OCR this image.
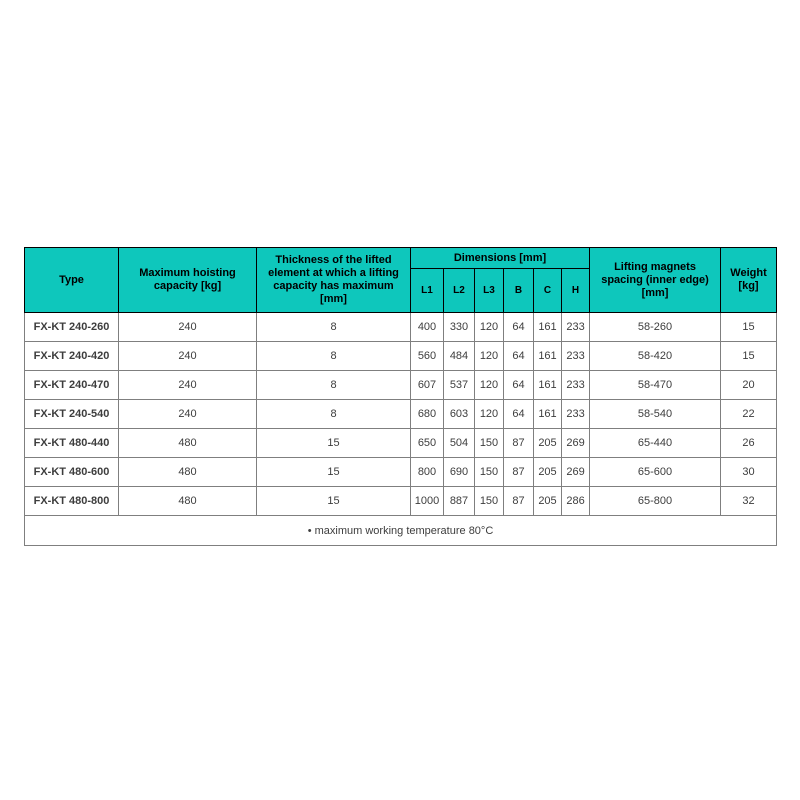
Type	Maximum hoisting capacity [kg]	Thickness of the lifted element at which a lifting capacity has maximum [mm]	Dimensions [mm]						Lifting magnets spacing (inner edge) [mm]	Weight [kg]
			L1	L2	L3	B	C	H		
FX-KT 240-260	240	8	400	330	120	64	161	233	58-260	15
FX-KT 240-420	240	8	560	484	120	64	161	233	58-420	15
FX-KT 240-470	240	8	607	537	120	64	161	233	58-470	20
FX-KT 240-540	240	8	680	603	120	64	161	233	58-540	22
FX-KT 480-440	480	15	650	504	150	87	205	269	65-440	26
FX-KT 480-600	480	15	800	690	150	87	205	269	65-600	30
FX-KT 480-800	480	15	1000	887	150	87	205	286	65-800	32
• maximum working temperature 80°C										
